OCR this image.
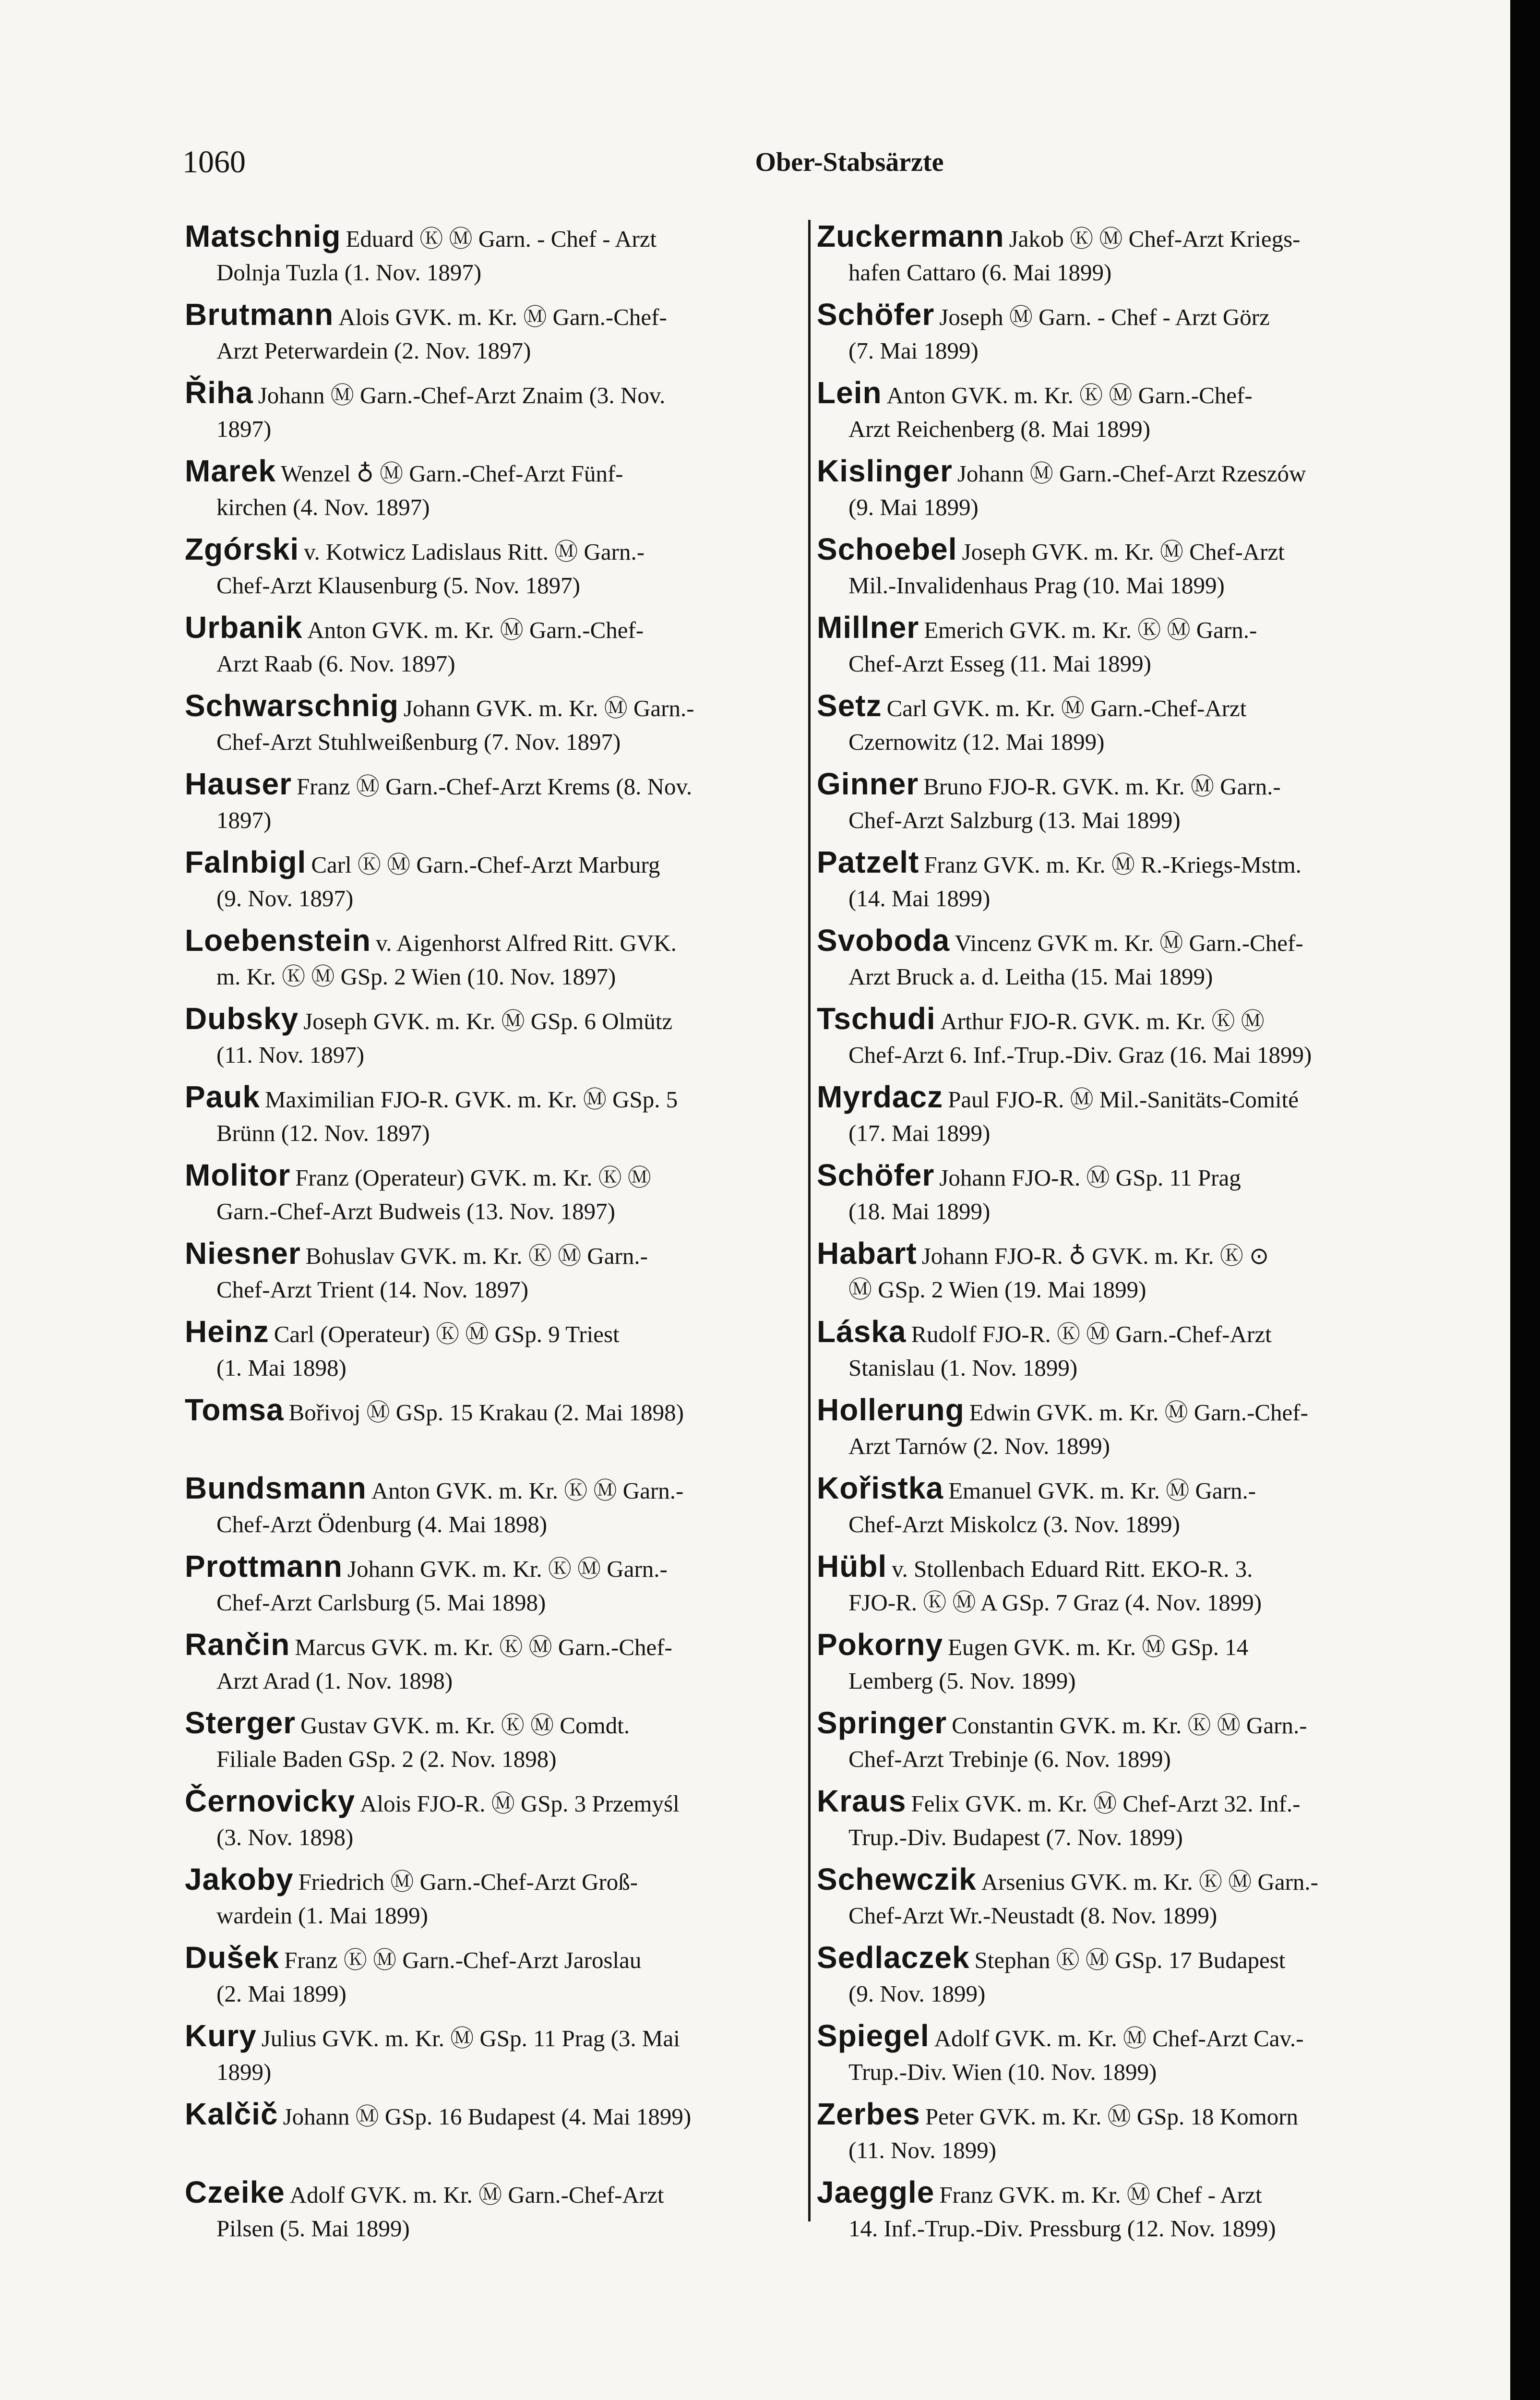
1060	Ober-Stabsärzte
Matschnig Eduard Ⓚ Ⓜ Garn. - Chef - Arzt
Dolnja Tuzla (1. Nov. 1897)
Brutmann Alois GVK. m. Kr. Ⓜ Garn.-Chef-
Arzt Peterwardein (2. Nov. 1897)
Řiha Johann Ⓜ Garn.-Chef-Arzt Znaim (3. Nov.
1897)
Marek Wenzel ♁ Ⓜ Garn.-Chef-Arzt Fünf-
kirchen (4. Nov. 1897)
Zgórski v. Kotwicz Ladislaus Ritt. Ⓜ Garn.-
Chef-Arzt Klausenburg (5. Nov. 1897)
Urbanik Anton GVK. m. Kr. Ⓜ Garn.-Chef-
Arzt Raab (6. Nov. 1897)
Schwarschnig Johann GVK. m. Kr. Ⓜ Garn.-
Chef-Arzt Stuhlweißenburg (7. Nov. 1897)
Hauser Franz Ⓜ Garn.-Chef-Arzt Krems (8. Nov.
1897)
Falnbigl Carl Ⓚ Ⓜ Garn.-Chef-Arzt Marburg
(9. Nov. 1897)
Loebenstein v. Aigenhorst Alfred Ritt. GVK.
m. Kr. Ⓚ Ⓜ GSp. 2 Wien (10. Nov. 1897)
Dubsky Joseph GVK. m. Kr. Ⓜ GSp. 6 Olmütz
(11. Nov. 1897)
Pauk Maximilian FJO-R. GVK. m. Kr. Ⓜ GSp. 5
Brünn (12. Nov. 1897)
Molitor Franz (Operateur) GVK. m. Kr. Ⓚ Ⓜ
Garn.-Chef-Arzt Budweis (13. Nov. 1897)
Niesner Bohuslav GVK. m. Kr. Ⓚ Ⓜ Garn.-
Chef-Arzt Trient (14. Nov. 1897)
Heinz Carl (Operateur) Ⓚ Ⓜ GSp. 9 Triest
(1. Mai 1898)
Tomsa Bořivoj Ⓜ GSp. 15 Krakau (2. Mai 1898)
Bundsmann Anton GVK. m. Kr. Ⓚ Ⓜ Garn.-
Chef-Arzt Ödenburg (4. Mai 1898)
Prottmann Johann GVK. m. Kr. Ⓚ Ⓜ Garn.-
Chef-Arzt Carlsburg (5. Mai 1898)
Rančin Marcus GVK. m. Kr. Ⓚ Ⓜ Garn.-Chef-
Arzt Arad (1. Nov. 1898)
Sterger Gustav GVK. m. Kr. Ⓚ Ⓜ Comdt.
Filiale Baden GSp. 2 (2. Nov. 1898)
Černovicky Alois FJO-R. Ⓜ GSp. 3 Przemyśl
(3. Nov. 1898)
Jakoby Friedrich Ⓜ Garn.-Chef-Arzt Groß-
wardein (1. Mai 1899)
Dušek Franz Ⓚ Ⓜ Garn.-Chef-Arzt Jaroslau
(2. Mai 1899)
Kury Julius GVK. m. Kr. Ⓜ GSp. 11 Prag (3. Mai
1899)
Kalčič Johann Ⓜ GSp. 16 Budapest (4. Mai 1899)
Czeike Adolf GVK. m. Kr. Ⓜ Garn.-Chef-Arzt
Pilsen (5. Mai 1899)
Zuckermann Jakob Ⓚ Ⓜ Chef-Arzt Kriegs-
hafen Cattaro (6. Mai 1899)
Schöfer Joseph Ⓜ Garn. - Chef - Arzt Görz
(7. Mai 1899)
Lein Anton GVK. m. Kr. Ⓚ Ⓜ Garn.-Chef-
Arzt Reichenberg (8. Mai 1899)
Kislinger Johann Ⓜ Garn.-Chef-Arzt Rzeszów
(9. Mai 1899)
Schoebel Joseph GVK. m. Kr. Ⓜ Chef-Arzt
Mil.-Invalidenhaus Prag (10. Mai 1899)
Millner Emerich GVK. m. Kr. Ⓚ Ⓜ Garn.-
Chef-Arzt Esseg (11. Mai 1899)
Setz Carl GVK. m. Kr. Ⓜ Garn.-Chef-Arzt
Czernowitz (12. Mai 1899)
Ginner Bruno FJO-R. GVK. m. Kr. Ⓜ Garn.-
Chef-Arzt Salzburg (13. Mai 1899)
Patzelt Franz GVK. m. Kr. Ⓜ R.-Kriegs-Mstm.
(14. Mai 1899)
Svoboda Vincenz GVK m. Kr. Ⓜ Garn.-Chef-
Arzt Bruck a. d. Leitha (15. Mai 1899)
Tschudi Arthur FJO-R. GVK. m. Kr. Ⓚ Ⓜ
Chef-Arzt 6. Inf.-Trup.-Div. Graz (16. Mai 1899)
Myrdacz Paul FJO-R. Ⓜ Mil.-Sanitäts-Comité
(17. Mai 1899)
Schöfer Johann FJO-R. Ⓜ GSp. 11 Prag
(18. Mai 1899)
Habart Johann FJO-R. ♁ GVK. m. Kr. Ⓚ ⊙
Ⓜ GSp. 2 Wien (19. Mai 1899)
Láska Rudolf FJO-R. Ⓚ Ⓜ Garn.-Chef-Arzt
Stanislau (1. Nov. 1899)
Hollerung Edwin GVK. m. Kr. Ⓜ Garn.-Chef-
Arzt Tarnów (2. Nov. 1899)
Kořistka Emanuel GVK. m. Kr. Ⓜ Garn.-
Chef-Arzt Miskolcz (3. Nov. 1899)
Hübl v. Stollenbach Eduard Ritt. EKO-R. 3.
FJO-R. Ⓚ Ⓜ A GSp. 7 Graz (4. Nov. 1899)
Pokorny Eugen GVK. m. Kr. Ⓜ GSp. 14
Lemberg (5. Nov. 1899)
Springer Constantin GVK. m. Kr. Ⓚ Ⓜ Garn.-
Chef-Arzt Trebinje (6. Nov. 1899)
Kraus Felix GVK. m. Kr. Ⓜ Chef-Arzt 32. Inf.-
Trup.-Div. Budapest (7. Nov. 1899)
Schewczik Arsenius GVK. m. Kr. Ⓚ Ⓜ Garn.-
Chef-Arzt Wr.-Neustadt (8. Nov. 1899)
Sedlaczek Stephan Ⓚ Ⓜ GSp. 17 Budapest
(9. Nov. 1899)
Spiegel Adolf GVK. m. Kr. Ⓜ Chef-Arzt Cav.-
Trup.-Div. Wien (10. Nov. 1899)
Zerbes Peter GVK. m. Kr. Ⓜ GSp. 18 Komorn
(11. Nov. 1899)
Jaeggle Franz GVK. m. Kr. Ⓜ Chef - Arzt
14. Inf.-Trup.-Div. Pressburg (12. Nov. 1899)
